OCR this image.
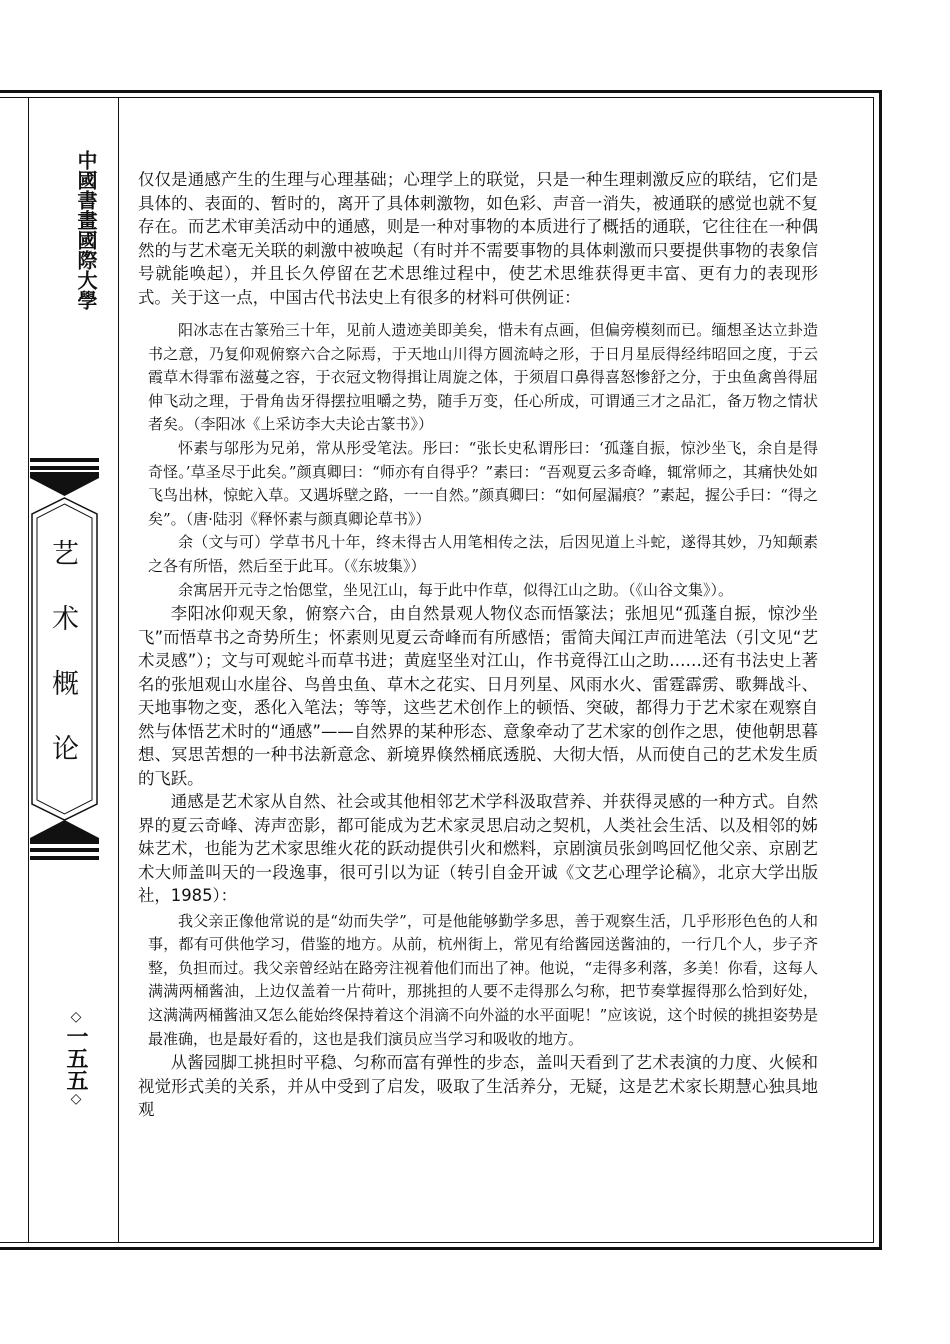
中國書畫國際大學
艺术概论
◇
一五五
◇

仅仅是通感产生的生理与心理基础；心理学上的联觉，只是一种生理刺激反应的联结，它们是具体的、表面的、暂时的，离开了具体刺激物，如色彩、声音一消失，被通联的感觉也就不复存在。而艺术审美活动中的通感，则是一种对事物的本质进行了概括的通联，它往往在一种偶然的与艺术毫无关联的刺激中被唤起（有时并不需要事物的具体刺激而只要提供事物的表象信号就能唤起），并且长久停留在艺术思维过程中，使艺术思维获得更丰富、更有力的表现形式。关于这一点，中国古代书法史上有很多的材料可供例证：

阳冰志在古篆殆三十年，见前人遗迹美即美矣，惜未有点画，但偏旁模刻而已。缅想圣达立卦造书之意，乃复仰观俯察六合之际焉，于天地山川得方圆流峙之形，于日月星辰得经纬昭回之度，于云霞草木得霏布滋蔓之容，于衣冠文物得揖让周旋之体，于须眉口鼻得喜怒惨舒之分，于虫鱼禽兽得屈伸飞动之理，于骨角齿牙得摆拉咀嚼之势，随手万变，任心所成，可谓通三才之品汇，备万物之情状者矣。（李阳冰《上采访李大夫论古篆书》）

怀素与邬彤为兄弟，常从彤受笔法。彤曰：“张长史私谓彤曰：‘孤蓬自振，惊沙坐飞，余自是得奇怪。’草圣尽于此矣。”颜真卿曰：“师亦有自得乎？”素曰：“吾观夏云多奇峰，辄常师之，其痛快处如飞鸟出林，惊蛇入草。又遇坼壁之路，一一自然。”颜真卿曰：“如何屋漏痕？”素起，握公手曰：“得之矣”。（唐·陆羽《释怀素与颜真卿论草书》）

余（文与可）学草书凡十年，终未得古人用笔相传之法，后因见道上斗蛇，遂得其妙，乃知颠素之各有所悟，然后至于此耳。（《东坡集》）

余寓居开元寺之怡偲堂，坐见江山，每于此中作草，似得江山之助。（《山谷文集》）。

李阳冰仰观天象，俯察六合，由自然景观人物仪态而悟篆法；张旭见“孤蓬自振，惊沙坐飞”而悟草书之奇势所生；怀素则见夏云奇峰而有所感悟；雷简夫闻江声而进笔法（引文见“艺术灵感”）；文与可观蛇斗而草书进；黄庭坚坐对江山，作书竟得江山之助……还有书法史上著名的张旭观山水崖谷、鸟兽虫鱼、草木之花实、日月列星、风雨水火、雷霆霹雳、歌舞战斗、天地事物之变，悉化入笔法；等等，这些艺术创作上的顿悟、突破，都得力于艺术家在观察自然与体悟艺术时的“通感”——自然界的某种形态、意象牵动了艺术家的创作之思，使他朝思暮想、冥思苦想的一种书法新意念、新境界倏然桶底透脱、大彻大悟，从而使自己的艺术发生质的飞跃。

通感是艺术家从自然、社会或其他相邻艺术学科汲取营养、并获得灵感的一种方式。自然界的夏云奇峰、涛声峦影，都可能成为艺术家灵思启动之契机，人类社会生活、以及相邻的姊妹艺术，也能为艺术家思维火花的跃动提供引火和燃料，京剧演员张剑鸣回忆他父亲、京剧艺术大师盖叫天的一段逸事，很可引以为证（转引自金开诚《文艺心理学论稿》，北京大学出版社，1985）：

我父亲正像他常说的是“幼而失学”，可是他能够勤学多思，善于观察生活，几乎形形色色的人和事，都有可供他学习，借鉴的地方。从前，杭州街上，常见有给酱园送酱油的，一行几个人，步子齐整，负担而过。我父亲曾经站在路旁注视着他们而出了神。他说，“走得多利落，多美！你看，这每人满满两桶酱油，上边仅盖着一片荷叶，那挑担的人要不走得那么匀称，把节奏掌握得那么恰到好处，这满满两桶酱油又怎么能始终保持着这个涓滴不向外溢的水平面呢！”应该说，这个时候的挑担姿势是最准确，也是最好看的，这也是我们演员应当学习和吸收的地方。

从酱园脚工挑担时平稳、匀称而富有弹性的步态，盖叫天看到了艺术表演的力度、火候和视觉形式美的关系，并从中受到了启发，吸取了生活养分，无疑，这是艺术家长期慧心独具地观
